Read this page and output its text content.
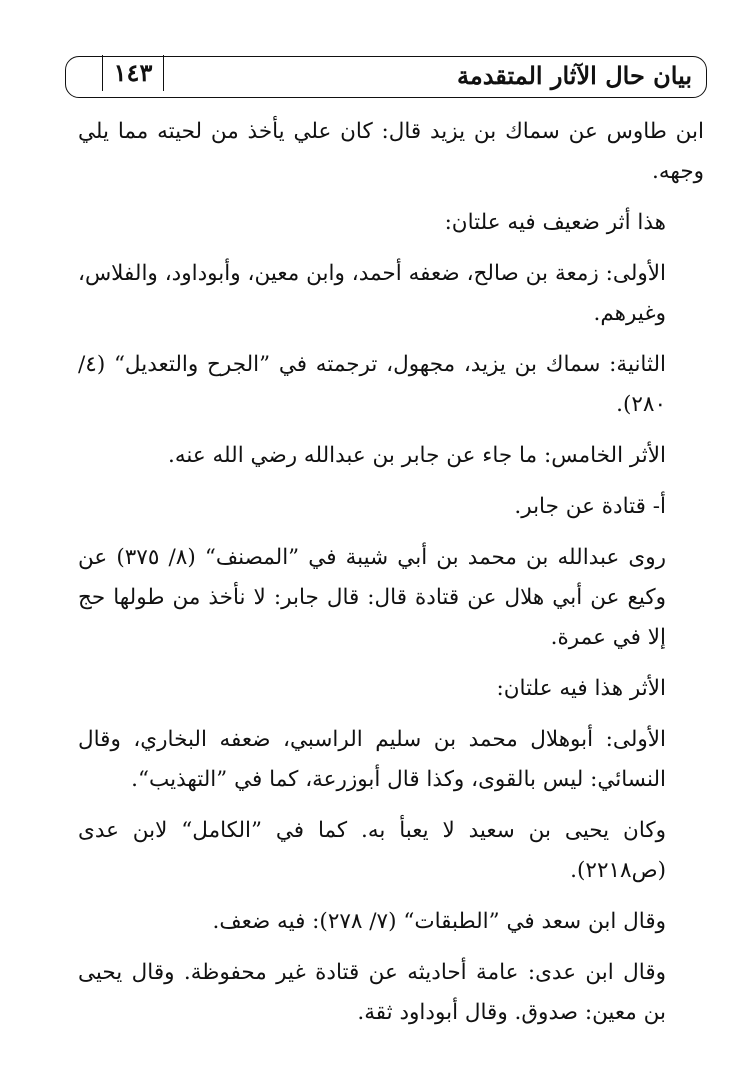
بيان حال الآثار المتقدمة
١٤٣

ابن طاوس عن سماك بن يزيد قال: كان علي يأخذ من لحيته مما يلي وجهه.

هذا أثر ضعيف فيه علتان:

الأولى: زمعة بن صالح، ضعفه أحمد، وابن معين، وأبوداود، والفلاس، وغيرهم.

الثانية: سماك بن يزيد، مجهول، ترجمته في ”الجرح والتعديل“ (٤/ ٢٨٠).

الأثر الخامس: ما جاء عن جابر بن عبدالله رضي الله عنه.

أ- قتادة عن جابر.

روى عبدالله بن محمد بن أبي شيبة في ”المصنف“ (٨/ ٣٧٥) عن وكيع عن أبي هلال عن قتادة قال: قال جابر: لا نأخذ من طولها حج إلا في عمرة.

الأثر هذا فيه علتان:

الأولى: أبوهلال محمد بن سليم الراسبي، ضعفه البخاري، وقال النسائي: ليس بالقوى، وكذا قال أبوزرعة، كما في ”التهذيب“.

وكان يحيى بن سعيد لا يعبأ به. كما في ”الكامل“ لابن عدى (ص٢٢١٨).

وقال ابن سعد في ”الطبقات“ (٧/ ٢٧٨): فيه ضعف.

وقال ابن عدى: عامة أحاديثه عن قتادة غير محفوظة. وقال يحيى بن معين: صدوق. وقال أبوداود ثقة.
